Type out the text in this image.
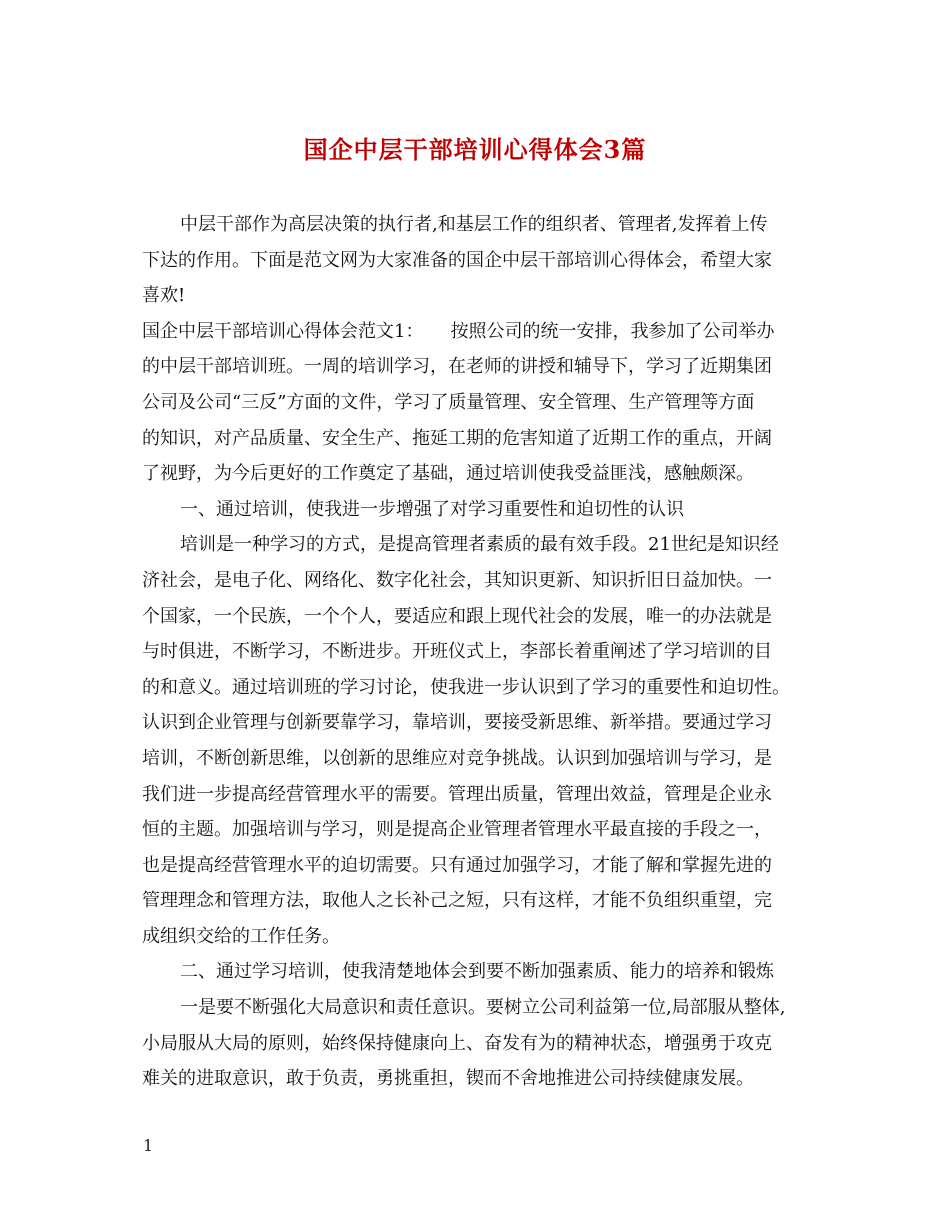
国企中层干部培训心得体会3篇
中层干部作为高层决策的执行者,和基层工作的组织者、管理者,发挥着上传
下达的作用。下面是范文网为大家准备的国企中层干部培训心得体会，希望大家
喜欢!
国企中层干部培训心得体会范文1：　　按照公司的统一安排，我参加了公司举办
的中层干部培训班。一周的培训学习，在老师的讲授和辅导下，学习了近期集团
公司及公司“三反”方面的文件，学习了质量管理、安全管理、生产管理等方面
的知识，对产品质量、安全生产、拖延工期的危害知道了近期工作的重点，开阔
了视野，为今后更好的工作奠定了基础，通过培训使我受益匪浅，感触颇深。
一、通过培训，使我进一步增强了对学习重要性和迫切性的认识
培训是一种学习的方式，是提高管理者素质的最有效手段。21世纪是知识经
济社会，是电子化、网络化、数字化社会，其知识更新、知识折旧日益加快。一
个国家，一个民族，一个个人，要适应和跟上现代社会的发展，唯一的办法就是
与时俱进，不断学习，不断进步。开班仪式上，李部长着重阐述了学习培训的目
的和意义。通过培训班的学习讨论，使我进一步认识到了学习的重要性和迫切性。
认识到企业管理与创新要靠学习，靠培训，要接受新思维、新举措。要通过学习
培训，不断创新思维，以创新的思维应对竞争挑战。认识到加强培训与学习，是
我们进一步提高经营管理水平的需要。管理出质量，管理出效益，管理是企业永
恒的主题。加强培训与学习，则是提高企业管理者管理水平最直接的手段之一，
也是提高经营管理水平的迫切需要。只有通过加强学习，才能了解和掌握先进的
管理理念和管理方法，取他人之长补己之短，只有这样，才能不负组织重望，完
成组织交给的工作任务。
二、通过学习培训，使我清楚地体会到要不断加强素质、能力的培养和锻炼
一是要不断强化大局意识和责任意识。要树立公司利益第一位,局部服从整体,
小局服从大局的原则，始终保持健康向上、奋发有为的精神状态，增强勇于攻克
难关的进取意识，敢于负责，勇挑重担，锲而不舍地推进公司持续健康发展。
1
